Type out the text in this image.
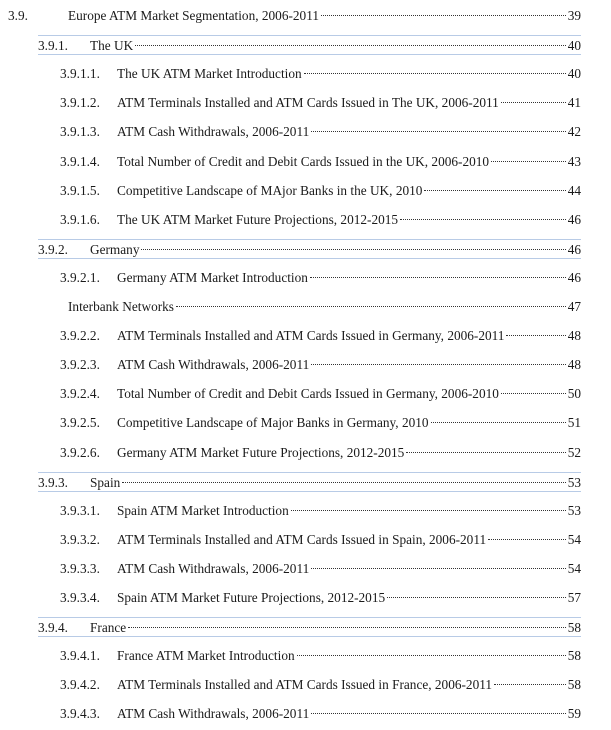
3.9.	Europe ATM Market Segmentation, 2006-2011	39
3.9.1. The UK	40
3.9.1.1. The UK ATM Market Introduction	40
3.9.1.2. ATM Terminals Installed and ATM Cards Issued in The UK, 2006-2011	41
3.9.1.3. ATM Cash Withdrawals, 2006-2011	42
3.9.1.4. Total Number of Credit and Debit Cards Issued in the UK, 2006-2010	43
3.9.1.5. Competitive Landscape of MAjor Banks in the UK, 2010	44
3.9.1.6. The UK ATM Market Future Projections, 2012-2015	46
3.9.2. Germany	46
3.9.2.1. Germany ATM Market Introduction	46
Interbank Networks	47
3.9.2.2. ATM Terminals Installed and ATM Cards Issued in Germany, 2006-2011	48
3.9.2.3. ATM Cash Withdrawals, 2006-2011	48
3.9.2.4. Total Number of Credit and Debit Cards Issued in Germany, 2006-2010	50
3.9.2.5. Competitive Landscape of Major Banks in Germany, 2010	51
3.9.2.6. Germany ATM Market Future Projections, 2012-2015	52
3.9.3. Spain	53
3.9.3.1. Spain ATM Market Introduction	53
3.9.3.2. ATM Terminals Installed and ATM Cards Issued in Spain, 2006-2011	54
3.9.3.3. ATM Cash Withdrawals, 2006-2011	54
3.9.3.4. Spain ATM Market Future Projections, 2012-2015	57
3.9.4. France	58
3.9.4.1. France ATM Market Introduction	58
3.9.4.2. ATM Terminals Installed and ATM Cards Issued in France, 2006-2011	58
3.9.4.3. ATM Cash Withdrawals, 2006-2011	59
